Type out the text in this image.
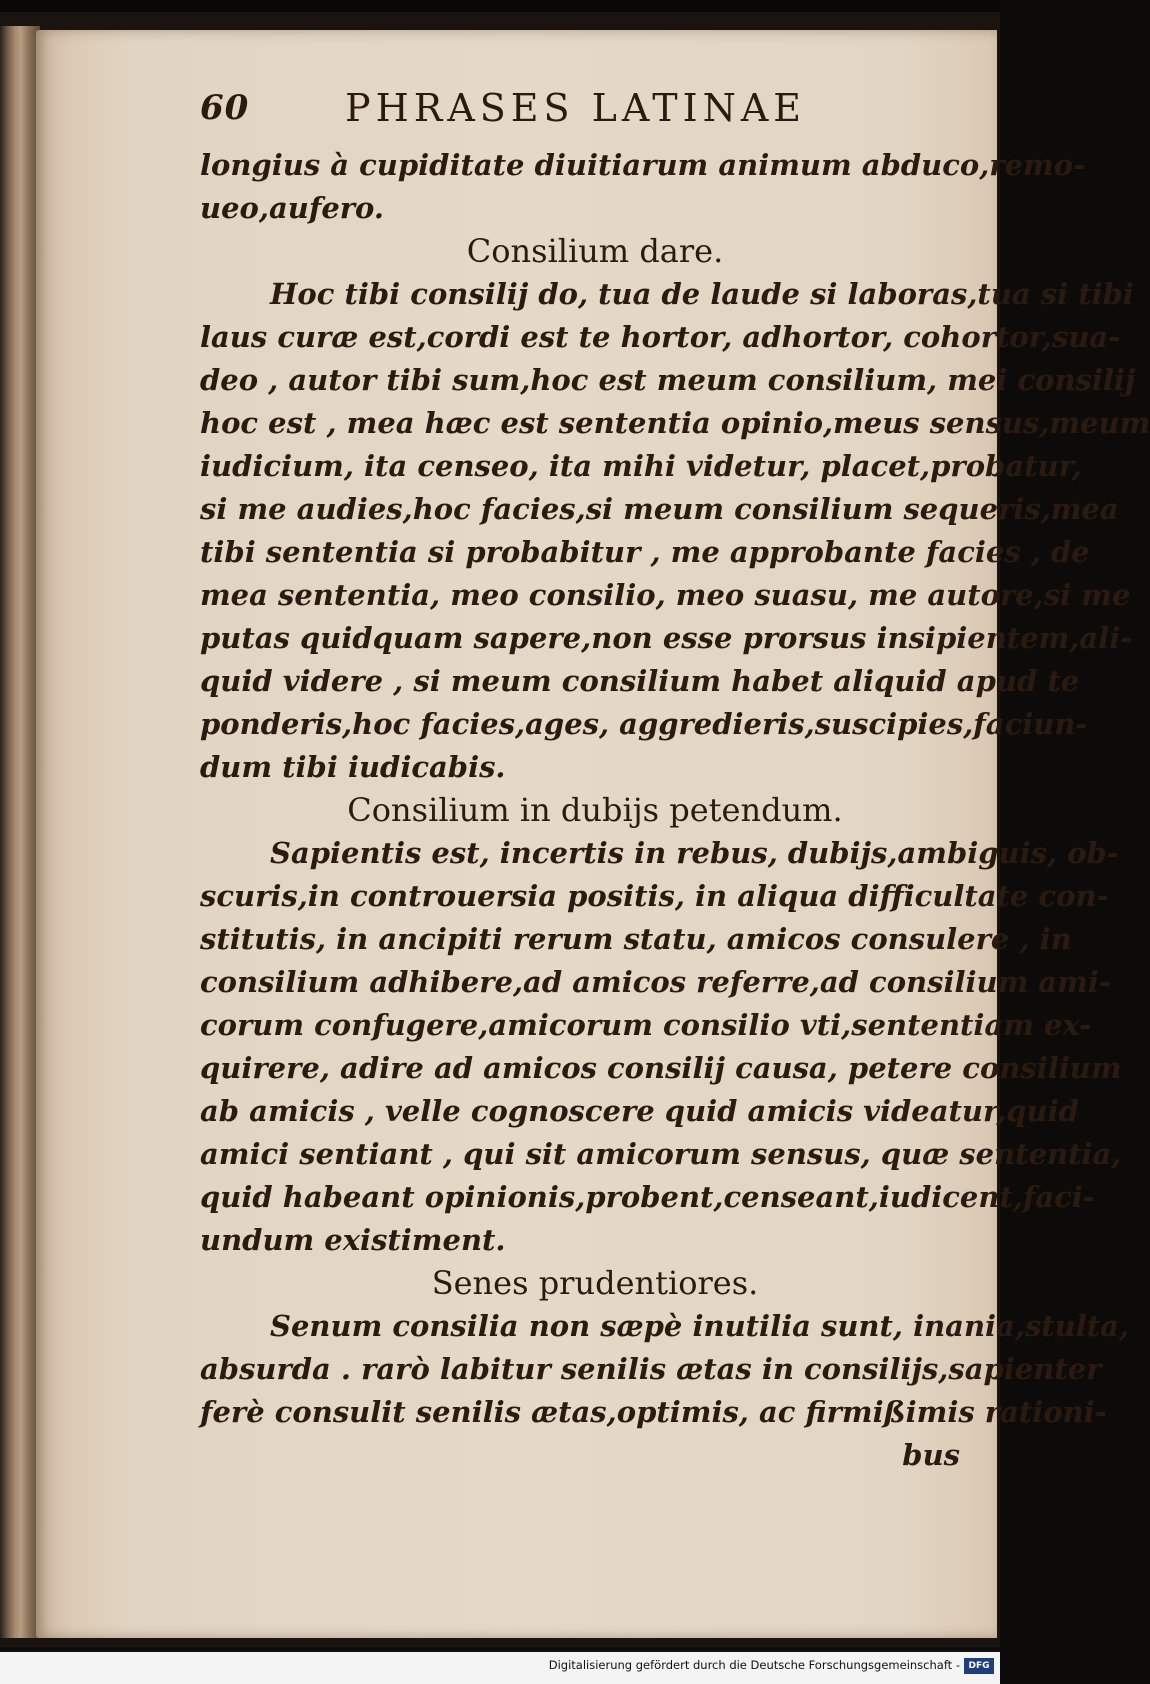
60	PHRASES LATINAE
longius à cupiditate diuitiarum animum abduco,remo-
ueo,aufero.
Consilium dare.
Hoc tibi consilij do, tua de laude si laboras,tua si tibi
laus curæ est,cordi est te hortor, adhortor, cohortor,sua-
deo , autor tibi sum,hoc est meum consilium, mei consilij
hoc est , mea hæc est sententia opinio,meus sensus,meum
iudicium, ita censeo, ita mihi videtur, placet,probatur,
si me audies,hoc facies,si meum consilium sequeris,mea
tibi sententia si probabitur , me approbante facies , de
mea sententia, meo consilio, meo suasu, me autore,si me
putas quidquam sapere,non esse prorsus insipientem,ali-
quid videre , si meum consilium habet aliquid apud te
ponderis,hoc facies,ages, aggredieris,suscipies,faciun-
dum tibi iudicabis.
Consilium in dubijs petendum.
Sapientis est, incertis in rebus, dubijs,ambiguis, ob-
scuris,in controuersia positis, in aliqua difficultate con-
stitutis, in ancipiti rerum statu, amicos consulere , in
consilium adhibere,ad amicos referre,ad consilium ami-
corum confugere,amicorum consilio vti,sententiam ex-
quirere, adire ad amicos consilij causa, petere consilium
ab amicis , velle cognoscere quid amicis videatur,quid
amici sentiant , qui sit amicorum sensus, quæ sententia,
quid habeant opinionis,probent,censeant,iudicent,faci-
undum existiment.
Senes prudentiores.
Senum consilia non sæpè inutilia sunt, inania,stulta,
absurda . rarò labitur senilis ætas in consilijs,sapienter
ferè consulit senilis ætas,optimis, ac firmißimis rationi-
bus
Digitalisierung gefördert durch die Deutsche Forschungsgemeinschaft - DFG
